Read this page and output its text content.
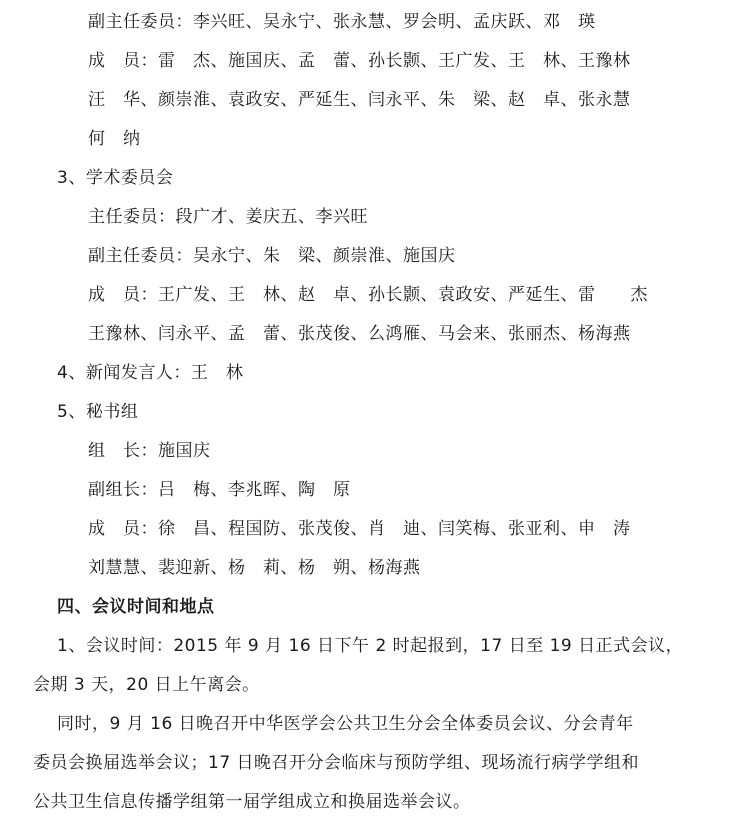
副主任委员：李兴旺、吴永宁、张永慧、罗会明、孟庆跃、邓　瑛
成　员：雷　杰、施国庆、孟　蕾、孙长颢、王广发、王　林、王豫林
汪　华、颜崇淮、袁政安、严延生、闫永平、朱　梁、赵　卓、张永慧
何　纳
3、学术委员会
主任委员：段广才、姜庆五、李兴旺
副主任委员：吴永宁、朱　梁、颜崇淮、施国庆
成　员：王广发、王　林、赵　卓、孙长颢、袁政安、严延生、雷　　杰
王豫林、闫永平、孟　蕾、张茂俊、么鸿雁、马会来、张丽杰、杨海燕
4、新闻发言人：王　林
5、秘书组
组　长：施国庆
副组长：吕　梅、李兆晖、陶　原
成　员：徐　昌、程国防、张茂俊、肖　迪、闫笑梅、张亚利、申　涛
刘慧慧、裴迎新、杨　莉、杨　朔、杨海燕
四、会议时间和地点
1、会议时间：2015 年 9 月 16 日下午 2 时起报到，17 日至 19 日正式会议，
会期 3 天，20 日上午离会。
同时，9 月 16 日晚召开中华医学会公共卫生分会全体委员会议、分会青年
委员会换届选举会议；17 日晚召开分会临床与预防学组、现场流行病学学组和
公共卫生信息传播学组第一届学组成立和换届选举会议。
